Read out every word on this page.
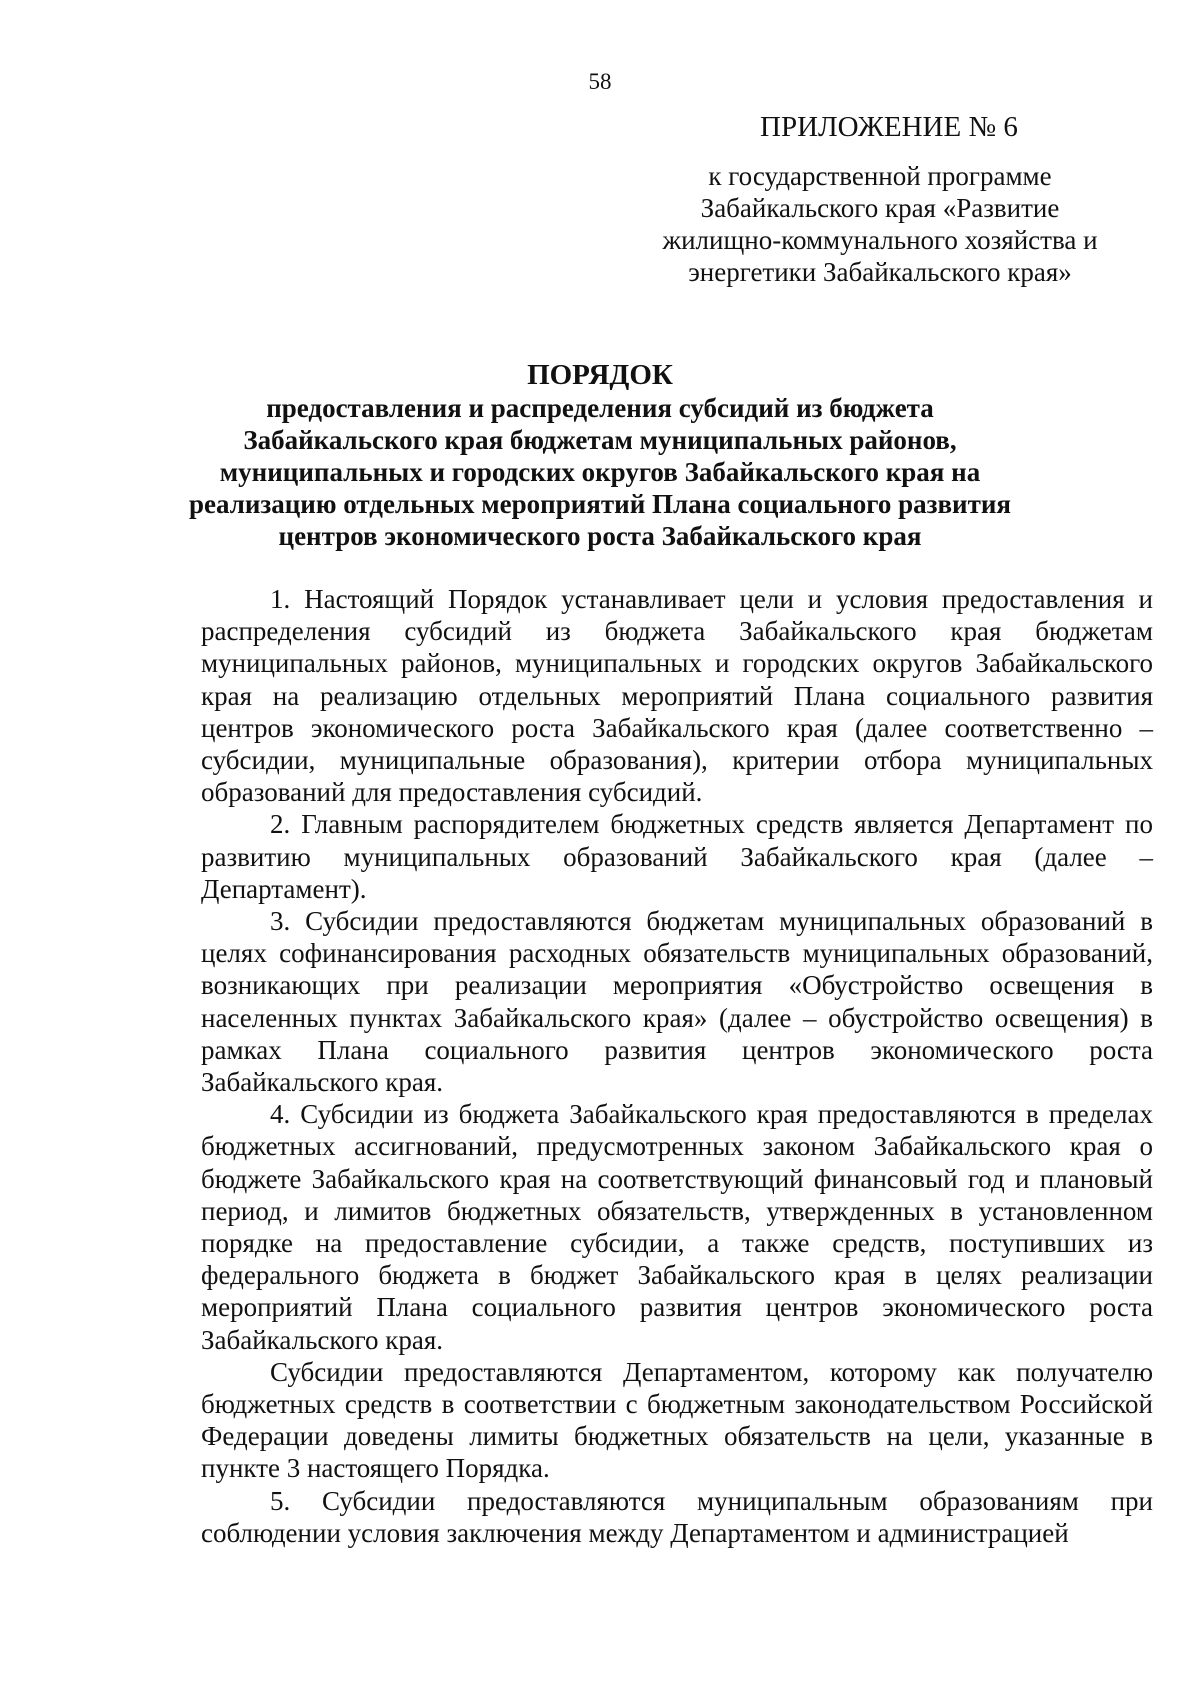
58
ПРИЛОЖЕНИЕ № 6
к государственной программе
Забайкальского края «Развитие
жилищно-коммунального хозяйства и
энергетики Забайкальского края»
ПОРЯДОК
предоставления и распределения субсидий из бюджета
Забайкальского края бюджетам муниципальных районов,
муниципальных и городских округов Забайкальского края на
реализацию отдельных мероприятий Плана социального развития
центров экономического роста Забайкальского края

1. Настоящий Порядок устанавливает цели и условия предоставления и распределения субсидий из бюджета Забайкальского края бюджетам муниципальных районов, муниципальных и городских округов Забайкальского края на реализацию отдельных мероприятий Плана социального развития центров экономического роста Забайкальского края (далее соответственно – субсидии, муниципальные образования), критерии отбора муниципальных образований для предоставления субсидий.

2. Главным распорядителем бюджетных средств является Департамент по развитию муниципальных образований Забайкальского края (далее – Департамент).

3. Субсидии предоставляются бюджетам муниципальных образований в целях софинансирования расходных обязательств муниципальных образований, возникающих при реализации мероприятия «Обустройство освещения в населенных пунктах Забайкальского края» (далее – обустройство освещения) в рамках Плана социального развития центров экономического роста Забайкальского края.

4. Субсидии из бюджета Забайкальского края предоставляются в пределах бюджетных ассигнований, предусмотренных законом Забайкальского края о бюджете Забайкальского края на соответствующий финансовый год и плановый период, и лимитов бюджетных обязательств, утвержденных в установленном порядке на предоставление субсидии, а также средств, поступивших из федерального бюджета в бюджет Забайкальского края в целях реализации мероприятий Плана социального развития центров экономического роста Забайкальского края.

Субсидии предоставляются Департаментом, которому как получателю бюджетных средств в соответствии с бюджетным законодательством Российской Федерации доведены лимиты бюджетных обязательств на цели, указанные в пункте 3 настоящего Порядка.

5. Субсидии предоставляются муниципальным образованиям при соблюдении условия заключения между Департаментом и администрацией
